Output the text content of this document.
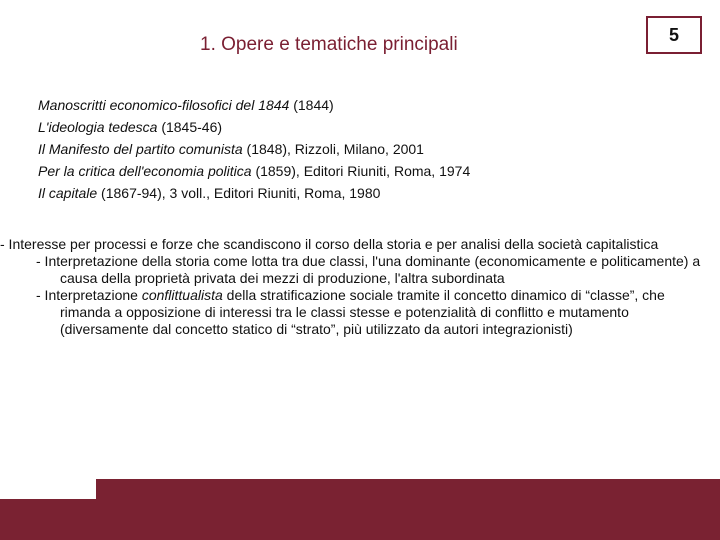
1. Opere e tematiche principali	5
Manoscritti economico-filosofici del 1844 (1844)
L'ideologia tedesca (1845-46)
Il Manifesto del partito comunista (1848), Rizzoli, Milano, 2001
Per la critica dell'economia politica (1859), Editori Riuniti, Roma, 1974
Il capitale (1867-94), 3 voll., Editori Riuniti, Roma, 1980

- Interesse per processi e forze che scandiscono il corso della storia e per analisi della società capitalistica

- Interpretazione della storia come lotta tra due classi, l'una dominante (economicamente e politicamente) a causa della proprietà privata dei mezzi di produzione, l'altra subordinata

- Interpretazione conflittualista della stratificazione sociale tramite il concetto dinamico di “classe”, che rimanda a opposizione di interessi tra le classi stesse e potenzialità di conflitto e mutamento (diversamente dal concetto statico di “strato”, più utilizzato da autori integrazionisti)
